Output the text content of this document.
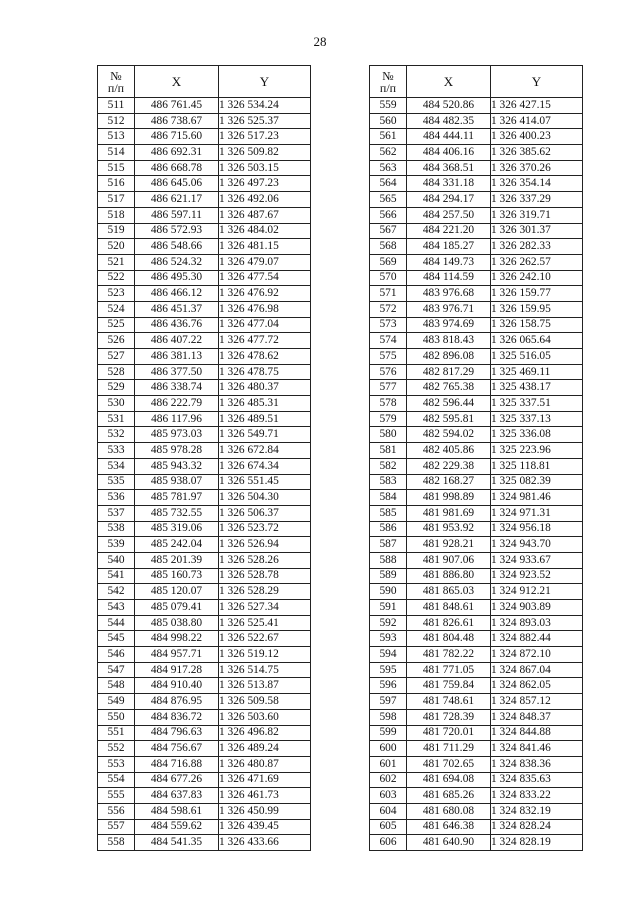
28
№
п/п	X	Y
511	486 761.45	1 326 534.24
512	486 738.67	1 326 525.37
513	486 715.60	1 326 517.23
514	486 692.31	1 326 509.82
515	486 668.78	1 326 503.15
516	486 645.06	1 326 497.23
517	486 621.17	1 326 492.06
518	486 597.11	1 326 487.67
519	486 572.93	1 326 484.02
520	486 548.66	1 326 481.15
521	486 524.32	1 326 479.07
522	486 495.30	1 326 477.54
523	486 466.12	1 326 476.92
524	486 451.37	1 326 476.98
525	486 436.76	1 326 477.04
526	486 407.22	1 326 477.72
527	486 381.13	1 326 478.62
528	486 377.50	1 326 478.75
529	486 338.74	1 326 480.37
530	486 222.79	1 326 485.31
531	486 117.96	1 326 489.51
532	485 973.03	1 326 549.71
533	485 978.28	1 326 672.84
534	485 943.32	1 326 674.34
535	485 938.07	1 326 551.45
536	485 781.97	1 326 504.30
537	485 732.55	1 326 506.37
538	485 319.06	1 326 523.72
539	485 242.04	1 326 526.94
540	485 201.39	1 326 528.26
541	485 160.73	1 326 528.78
542	485 120.07	1 326 528.29
543	485 079.41	1 326 527.34
544	485 038.80	1 326 525.41
545	484 998.22	1 326 522.67
546	484 957.71	1 326 519.12
547	484 917.28	1 326 514.75
548	484 910.40	1 326 513.87
549	484 876.95	1 326 509.58
550	484 836.72	1 326 503.60
551	484 796.63	1 326 496.82
552	484 756.67	1 326 489.24
553	484 716.88	1 326 480.87
554	484 677.26	1 326 471.69
555	484 637.83	1 326 461.73
556	484 598.61	1 326 450.99
557	484 559.62	1 326 439.45
558	484 541.35	1 326 433.66
№
п/п	X	Y
559	484 520.86	1 326 427.15
560	484 482.35	1 326 414.07
561	484 444.11	1 326 400.23
562	484 406.16	1 326 385.62
563	484 368.51	1 326 370.26
564	484 331.18	1 326 354.14
565	484 294.17	1 326 337.29
566	484 257.50	1 326 319.71
567	484 221.20	1 326 301.37
568	484 185.27	1 326 282.33
569	484 149.73	1 326 262.57
570	484 114.59	1 326 242.10
571	483 976.68	1 326 159.77
572	483 976.71	1 326 159.95
573	483 974.69	1 326 158.75
574	483 818.43	1 326 065.64
575	482 896.08	1 325 516.05
576	482 817.29	1 325 469.11
577	482 765.38	1 325 438.17
578	482 596.44	1 325 337.51
579	482 595.81	1 325 337.13
580	482 594.02	1 325 336.08
581	482 405.86	1 325 223.96
582	482 229.38	1 325 118.81
583	482 168.27	1 325 082.39
584	481 998.89	1 324 981.46
585	481 981.69	1 324 971.31
586	481 953.92	1 324 956.18
587	481 928.21	1 324 943.70
588	481 907.06	1 324 933.67
589	481 886.80	1 324 923.52
590	481 865.03	1 324 912.21
591	481 848.61	1 324 903.89
592	481 826.61	1 324 893.03
593	481 804.48	1 324 882.44
594	481 782.22	1 324 872.10
595	481 771.05	1 324 867.04
596	481 759.84	1 324 862.05
597	481 748.61	1 324 857.12
598	481 728.39	1 324 848.37
599	481 720.01	1 324 844.88
600	481 711.29	1 324 841.46
601	481 702.65	1 324 838.36
602	481 694.08	1 324 835.63
603	481 685.26	1 324 833.22
604	481 680.08	1 324 832.19
605	481 646.38	1 324 828.24
606	481 640.90	1 324 828.19
